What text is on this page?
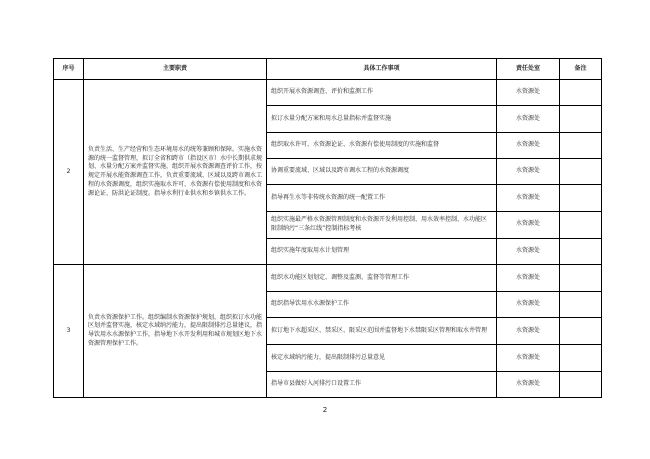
序号	主要职责	具体工作事项	责任处室	备注
2	负责生活、生产经营和生态环境用水的统筹兼顾和保障。实施水资源的统一监督管理，拟订全省和跨市（指设区市）水中长期供求规划、水量分配方案并监督实施，组织开展水资源调查评价工作，按规定开展水能资源调查工作，负责重要流域、区域以及跨市调水工程的水资源调度，组织实施取水许可、水资源有偿使用制度和水资源论证、防洪论证制度。指导水利行业供水和乡镇供水工作。	组织开展水资源调查、评价和监测工作	水资源处	
		拟订水量分配方案和用水总量指标并监督实施	水资源处	
		组织取水许可、水资源论证、水资源有偿使用制度的实施和监督	水资源处	
		协调重要流域、区域以及跨市调水工程的水资源调度	水资源处	
		指导再生水等非传统水资源的统一配置工作	水资源处	
		组织实施最严格水资源管理制度和水资源开发利用控制、用水效率控制、水功能区限制纳污“三条红线”控制指标考核	水资源处	
		组织实施年度取用水计划管理	水资源处	
3	负责水资源保护工作。组织编制水资源保护规划，组织拟订水功能区划并监督实施，核定水域纳污能力，提出限制排污总量建议，指导饮用水水源保护工作，指导地下水开发利用和城市规划区地下水资源管理保护工作。	组织水功能区划划定、调整及监测、监督等管理工作	水资源处	
		组织指导饮用水水源保护工作	水资源处	
		拟订地下水超采区、禁采区、限采区范围并监督地下水禁限采区管理和取水井管理	水资源处	
		核定水域纳污能力，提出限制排污总量意见	水资源处	
		指导市县做好入河排污口设置工作	水资源处	
2
